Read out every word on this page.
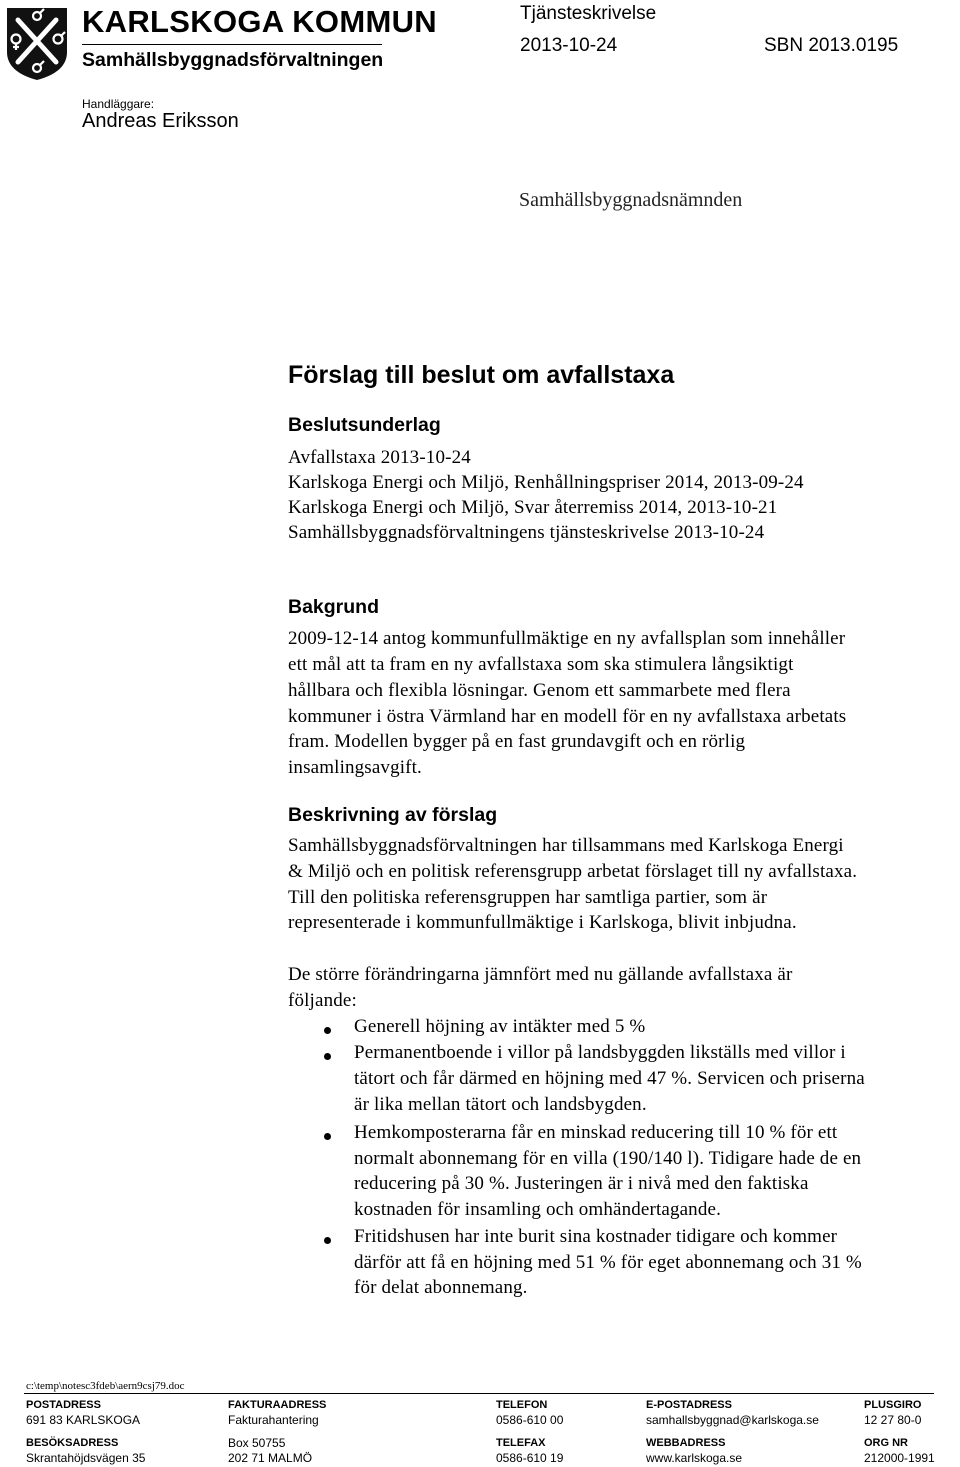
KARLSKOGA KOMMUN
Samhällsbyggnadsförvaltningen
Tjänsteskrivelse
2013-10-24	SBN 2013.0195
Handläggare:
Andreas Eriksson
Samhällsbyggnadsnämnden
Förslag till beslut om avfallstaxa
Beslutsunderlag
Avfallstaxa 2013-10-24
Karlskoga Energi och Miljö, Renhållningspriser 2014, 2013-09-24
Karlskoga Energi och Miljö, Svar återremiss 2014, 2013-10-21
Samhällsbyggnadsförvaltningens tjänsteskrivelse 2013-10-24
Bakgrund
2009-12-14 antog kommunfullmäktige en ny avfallsplan som innehåller
ett mål att ta fram en ny avfallstaxa som ska stimulera långsiktigt
hållbara och flexibla lösningar. Genom ett sammarbete med flera
kommuner i östra Värmland har en modell för en ny avfallstaxa arbetats
fram. Modellen bygger på en fast grundavgift och en rörlig
insamlingsavgift.
Beskrivning av förslag
Samhällsbyggnadsförvaltningen har tillsammans med Karlskoga Energi
& Miljö och en politisk referensgrupp arbetat förslaget till ny avfallstaxa.
Till den politiska referensgruppen har samtliga partier, som är
representerade i kommunfullmäktige i Karlskoga, blivit inbjudna.
De större förändringarna jämnfört med nu gällande avfallstaxa är
följande:
Generell höjning av intäkter med 5 %
Permanentboende i villor på landsbyggden likställs med villor i
tätort och får därmed en höjning med 47 %. Servicen och priserna
är lika mellan tätort och landsbygden.
Hemkomposterarna får en minskad reducering till 10 % för ett
normalt abonnemang för en villa (190/140 l). Tidigare hade de en
reducering på 30 %. Justeringen är i nivå med den faktiska
kostnaden för insamling och omhändertagande.
Fritidshusen har inte burit sina kostnader tidigare och kommer
därför att få en höjning med 51 % för eget abonnemang och 31 %
för delat abonnemang.
c:\temp\notesc3fdeb\aern9csj79.doc
POSTADRESS
691 83 KARLSKOGA
BESÖKSADRESS
Skrantahöjdsvägen 35
FAKTURAADRESS
Fakturahantering
Box 50755
202 71 MALMÖ
TELEFON
0586-610 00
TELEFAX
0586-610 19
E-POSTADRESS
samhallsbyggnad@karlskoga.se
WEBBADRESS
www.karlskoga.se
PLUSGIRO
12 27 80-0
ORG NR
212000-1991
